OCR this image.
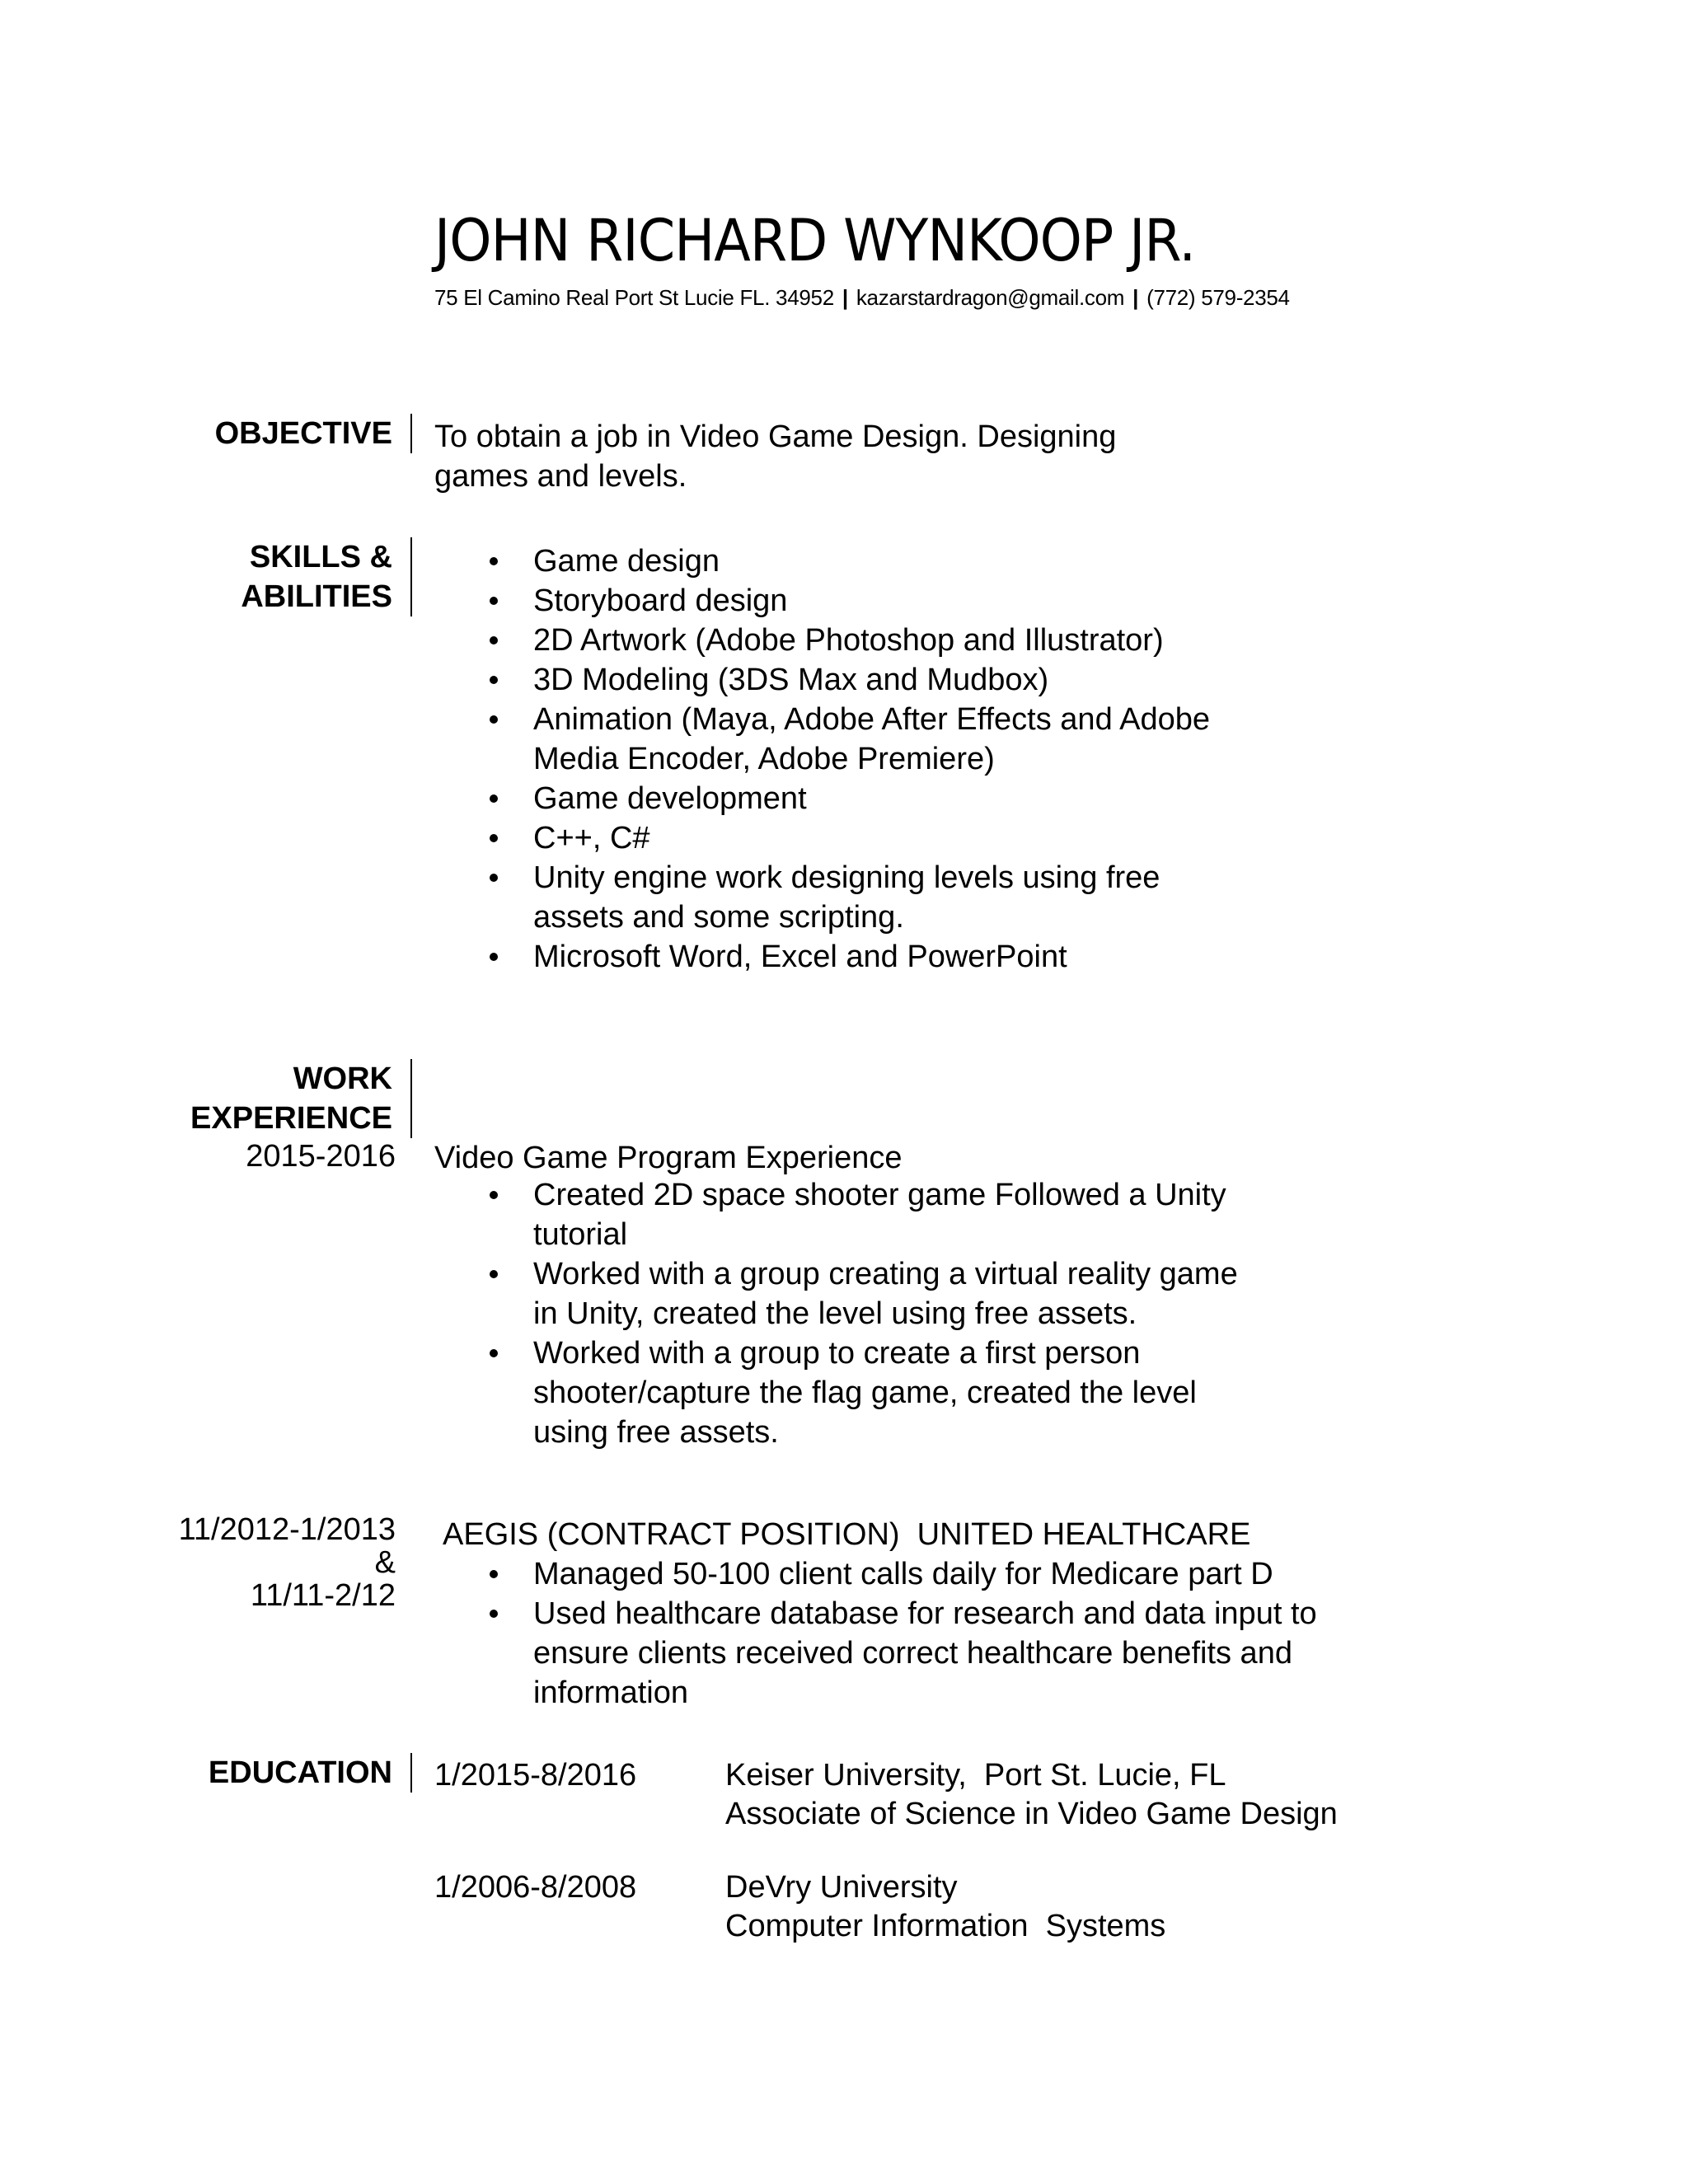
JOHN RICHARD WYNKOOP JR.
75 El Camino Real Port St Lucie FL. 34952 | kazarstardragon@gmail.com | (772) 579-2354
OBJECTIVE To obtain a job in Video Game Design. Designing games and levels.
SKILLS &
ABILITIES
Game design
Storyboard design
2D Artwork (Adobe Photoshop and Illustrator)
3D Modeling (3DS Max and Mudbox)
Animation (Maya, Adobe After Effects and Adobe Media Encoder, Adobe Premiere)
Game development
C++, C#
Unity engine work designing levels using free assets and some scripting.
Microsoft Word, Excel and PowerPoint
WORK
EXPERIENCE
2015-2016 Video Game Program Experience
Created 2D space shooter game Followed a Unity tutorial
Worked with a group creating a virtual reality game in Unity, created the level using free assets.
Worked with a group to create a first person shooter/capture the flag game, created the level using free assets.
11/2012-1/2013
&
11/11-2/12
AEGIS (CONTRACT POSITION)  UNITED HEALTHCARE
Managed 50-100 client calls daily for Medicare part D
Used healthcare database for research and data input to ensure clients received correct healthcare benefits and information
EDUCATION 1/2015-8/2016	Keiser University,  Port St. Lucie, FL
Associate of Science in Video Game Design
1/2006-8/2008	DeVry University
Computer Information  Systems
